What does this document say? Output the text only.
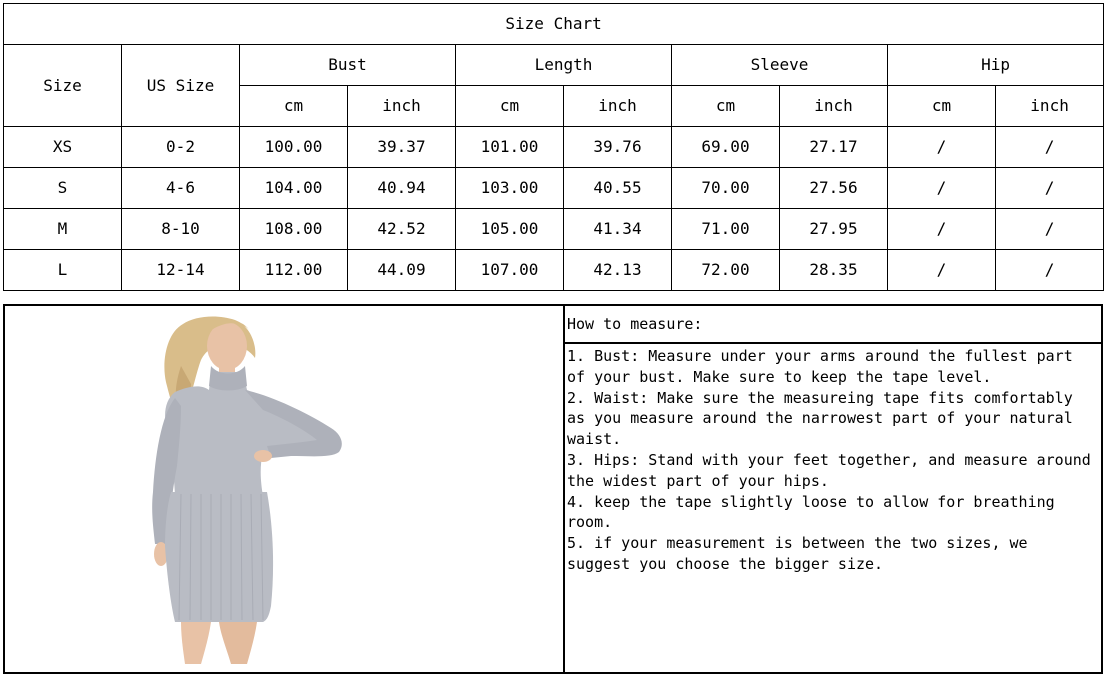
Size Chart									
Size	US Size	Bust		Length		Sleeve		Hip	
		cm	inch	cm	inch	cm	inch	cm	inch
XS	0-2	100.00	39.37	101.00	39.76	69.00	27.17	/	/
S	4-6	104.00	40.94	103.00	40.55	70.00	27.56	/	/
M	8-10	108.00	42.52	105.00	41.34	71.00	27.95	/	/
L	12-14	112.00	44.09	107.00	42.13	72.00	28.35	/	/
How to measure:

1. Bust: Measure under your arms around the fullest part of your bust. Make sure to keep the tape level.

2. Waist: Make sure the measureing tape fits comfortably as you measure around the narrowest part of your natural waist.

3. Hips: Stand with your feet together, and measure around the widest part of your hips.

4. keep the tape slightly loose to allow for breathing room.

5. if your measurement is between the two sizes, we suggest you choose the bigger size.
